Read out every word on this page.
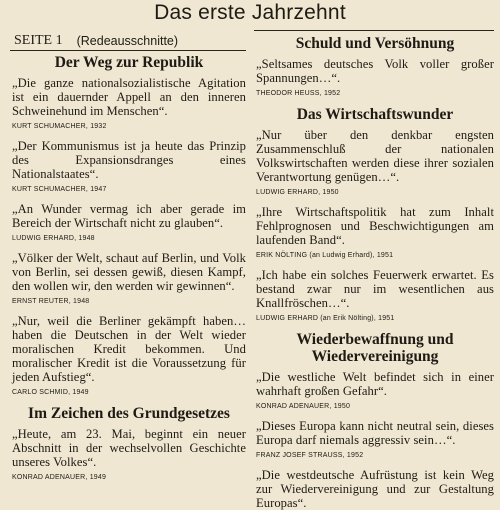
Das erste Jahrzehnt
SEITE 1 (Redeausschnitte)
Der Weg zur Republik

„Die ganze nationalsozialistische Agitation ist ein dauernder Appell an den inneren Schweinehund im Menschen“.

KURT SCHUMACHER, 1932

„Der Kommunismus ist ja heute das Prinzip des Expansionsdranges eines Nationalstaates“.

KURT SCHUMACHER, 1947

„An Wunder vermag ich aber gerade im Bereich der Wirtschaft nicht zu glauben“.

LUDWIG ERHARD, 1948

„Völker der Welt, schaut auf Berlin, und Volk von Berlin, sei dessen gewiß, diesen Kampf, den wollen wir, den werden wir gewinnen“.

ERNST REUTER, 1948

„Nur, weil die Berliner gekämpft haben… haben die Deutschen in der Welt wieder moralischen Kredit bekommen. Und moralischer Kredit ist die Voraussetzung für jeden Aufstieg“.

CARLO SCHMID, 1949

Im Zeichen des Grundgesetzes

„Heute, am 23. Mai, beginnt ein neuer Abschnitt in der wechselvollen Geschichte unseres Volkes“.

KONRAD ADENAUER, 1949

Schuld und Versöhnung

„Seltsames deutsches Volk voller großer Spannungen…“.

THEODOR HEUSS, 1952

Das Wirtschaftswunder

„Nur über den denkbar engsten Zusammenschluß der nationalen Volkswirtschaften werden diese ihrer sozialen Verantwortung genügen…“.

LUDWIG ERHARD, 1950

„Ihre Wirtschaftspolitik hat zum Inhalt Fehlprognosen und Beschwichtigungen am laufenden Band“.

ERIK NÖLTING (an Ludwig Erhard), 1951

„Ich habe ein solches Feuerwerk erwartet. Es bestand zwar nur im wesentlichen aus Knallfröschen…“.

LUDWIG ERHARD (an Erik Nölting), 1951

Wiederbewaffnung und Wiedervereinigung

„Die westliche Welt befindet sich in einer wahrhaft großen Gefahr“.

KONRAD ADENAUER, 1950

„Dieses Europa kann nicht neutral sein, dieses Europa darf niemals aggressiv sein…“.

FRANZ JOSEF STRAUSS, 1952

„Die westdeutsche Aufrüstung ist kein Weg zur Wiedervereinigung und zur Gestaltung Europas“.
